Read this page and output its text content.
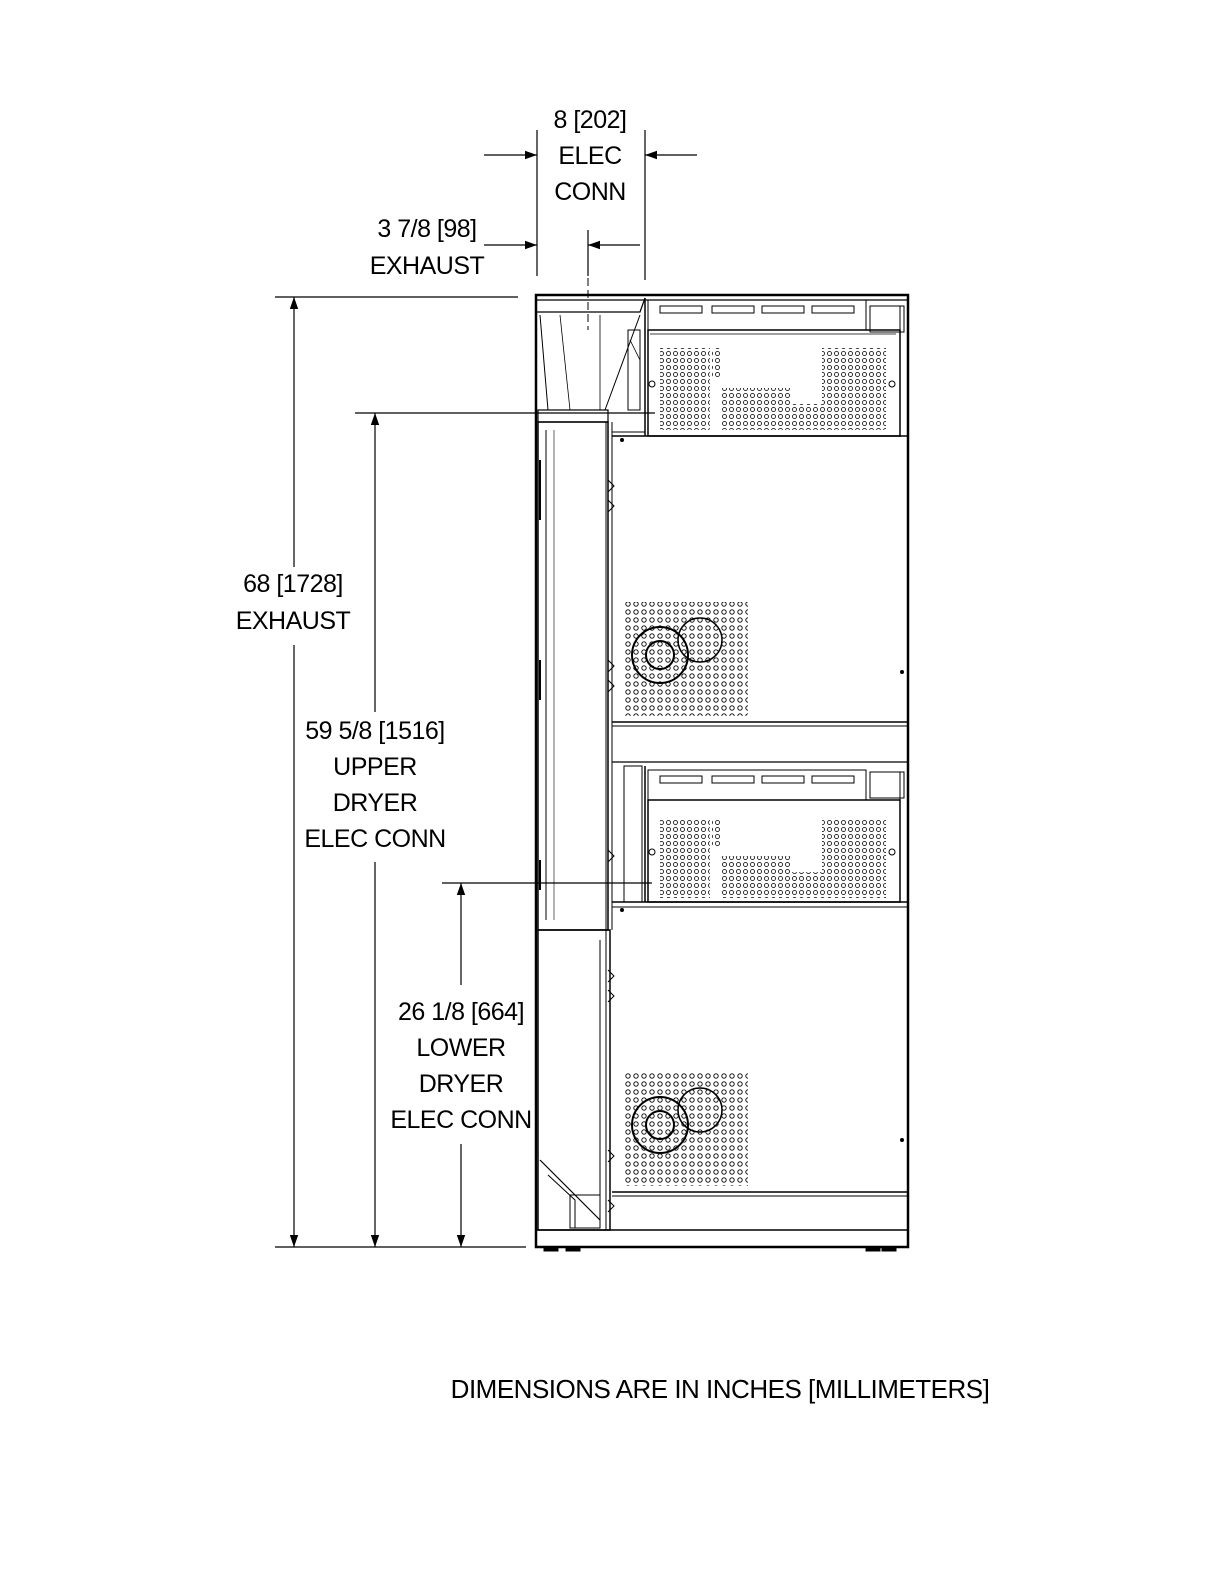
8 [202]
ELEC
CONN
3 7/8 [98]
EXHAUST
68 [1728]
EXHAUST
59 5/8 [1516]
UPPER
DRYER
ELEC CONN
26 1/8 [664]
LOWER
DRYER
ELEC CONN
DIMENSIONS ARE IN INCHES [MILLIMETERS]
